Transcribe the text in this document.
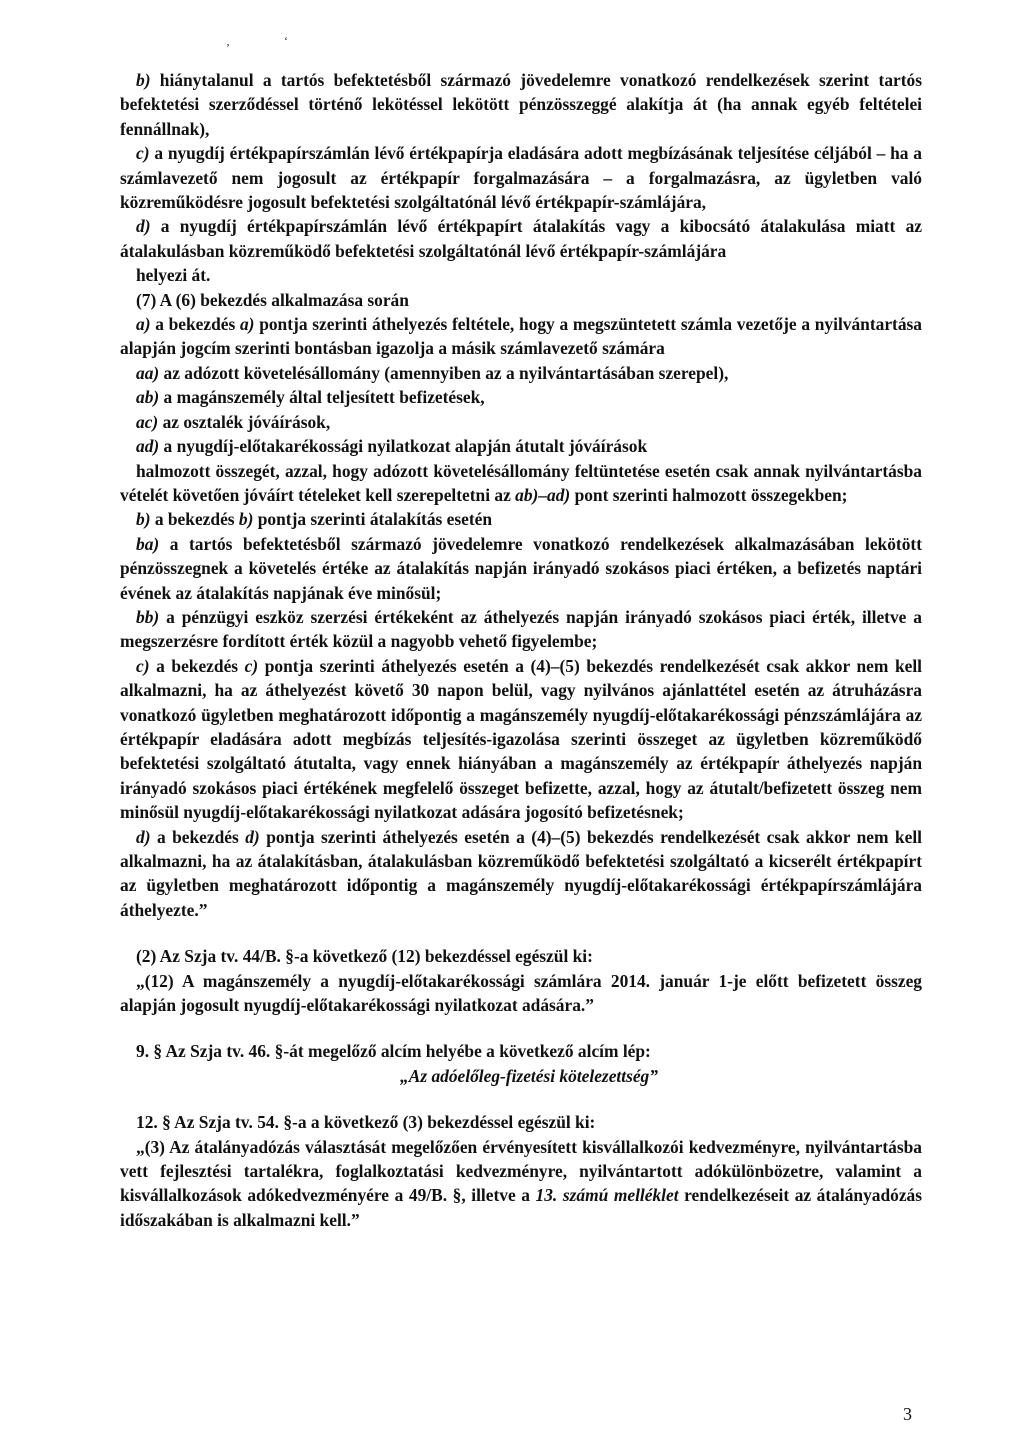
‚	‘

b) hiánytalanul a tartós befektetésből származó jövedelemre vonatkozó rendelkezések szerint tartós befektetési szerződéssel történő lekötéssel lekötött pénzösszeggé alakítja át (ha annak egyéb feltételei fennállnak),

c) a nyugdíj értékpapírszámlán lévő értékpapírja eladására adott megbízásának teljesítése céljából – ha a számlavezető nem jogosult az értékpapír forgalmazására – a forgalmazásra, az ügyletben való közreműködésre jogosult befektetési szolgáltatónál lévő értékpapír-számlájára,

d) a nyugdíj értékpapírszámlán lévő értékpapírt átalakítás vagy a kibocsátó átalakulása miatt az átalakulásban közreműködő befektetési szolgáltatónál lévő értékpapír-számlájára

helyezi át.

(7) A (6) bekezdés alkalmazása során

a) a bekezdés a) pontja szerinti áthelyezés feltétele, hogy a megszüntetett számla vezetője a nyilvántartása alapján jogcím szerinti bontásban igazolja a másik számlavezető számára

aa) az adózott követelésállomány (amennyiben az a nyilvántartásában szerepel),

ab) a magánszemély által teljesített befizetések,

ac) az osztalék jóváírások,

ad) a nyugdíj-előtakarékossági nyilatkozat alapján átutalt jóváírások

halmozott összegét, azzal, hogy adózott követelésállomány feltüntetése esetén csak annak nyilvántartásba vételét követően jóváírt tételeket kell szerepeltetni az ab)–ad) pont szerinti halmozott összegekben;

b) a bekezdés b) pontja szerinti átalakítás esetén

ba) a tartós befektetésből származó jövedelemre vonatkozó rendelkezések alkalmazásában lekötött pénzösszegnek a követelés értéke az átalakítás napján irányadó szokásos piaci értéken, a befizetés naptári évének az átalakítás napjának éve minősül;

bb) a pénzügyi eszköz szerzési értékeként az áthelyezés napján irányadó szokásos piaci érték, illetve a megszerzésre fordított érték közül a nagyobb vehető figyelembe;

c) a bekezdés c) pontja szerinti áthelyezés esetén a (4)–(5) bekezdés rendelkezését csak akkor nem kell alkalmazni, ha az áthelyezést követő 30 napon belül, vagy nyilvános ajánlattétel esetén az átruházásra vonatkozó ügyletben meghatározott időpontig a magánszemély nyugdíj-előtakarékossági pénzszámlájára az értékpapír eladására adott megbízás teljesítés-igazolása szerinti összeget az ügyletben közreműködő befektetési szolgáltató átutalta, vagy ennek hiányában a magánszemély az értékpapír áthelyezés napján irányadó szokásos piaci értékének megfelelő összeget befizette, azzal, hogy az átutalt/befizetett összeg nem minősül nyugdíj-előtakarékossági nyilatkozat adására jogosító befizetésnek;

d) a bekezdés d) pontja szerinti áthelyezés esetén a (4)–(5) bekezdés rendelkezését csak akkor nem kell alkalmazni, ha az átalakításban, átalakulásban közreműködő befektetési szolgáltató a kicserélt értékpapírt az ügyletben meghatározott időpontig a magánszemély nyugdíj-előtakarékossági értékpapírszámlájára áthelyezte.”

(2) Az Szja tv. 44/B. §-a következő (12) bekezdéssel egészül ki:

„(12) A magánszemély a nyugdíj-előtakarékossági számlára 2014. január 1-je előtt befizetett összeg alapján jogosult nyugdíj-előtakarékossági nyilatkozat adására.”

9. § Az Szja tv. 46. §-át megelőző alcím helyébe a következő alcím lép:

„Az adóelőleg-fizetési kötelezettség”

12. § Az Szja tv. 54. §-a a következő (3) bekezdéssel egészül ki:

„(3) Az átalányadózás választását megelőzően érvényesített kisvállalkozói kedvezményre, nyilvántartásba vett fejlesztési tartalékra, foglalkoztatási kedvezményre, nyilvántartott adókülönbözetre, valamint a kisvállalkozások adókedvezményére a 49/B. §, illetve a 13. számú melléklet rendelkezéseit az átalányadózás időszakában is alkalmazni kell.”

3
